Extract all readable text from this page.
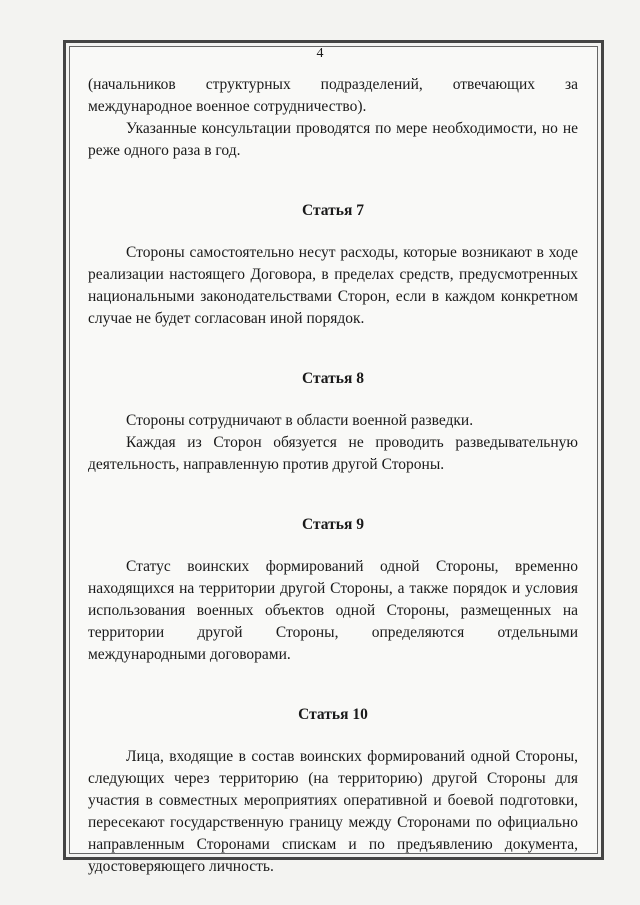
4

(начальников структурных подразделений, отвечающих за международное военное сотрудничество).

Указанные консультации проводятся по мере необходимости, но не реже одного раза в год.

Статья 7

Стороны самостоятельно несут расходы, которые возникают в ходе реализации настоящего Договора, в пределах средств, предусмотренных национальными законодательствами Сторон, если в каждом конкретном случае не будет согласован иной порядок.

Статья 8

Стороны сотрудничают в области военной разведки.

Каждая из Сторон обязуется не проводить разведывательную деятельность, направленную против другой Стороны.

Статья 9

Статус воинских формирований одной Стороны, временно находящихся на территории другой Стороны, а также порядок и условия использования военных объектов одной Стороны, размещенных на территории другой Стороны, определяются отдельными международными договорами.

Статья 10

Лица, входящие в состав воинских формирований одной Стороны, следующих через территорию (на территорию) другой Стороны для участия в совместных мероприятиях оперативной и боевой подготовки, пересекают государственную границу между Сторонами по официально направленным Сторонами спискам и по предъявлению документа, удостоверяющего личность.
